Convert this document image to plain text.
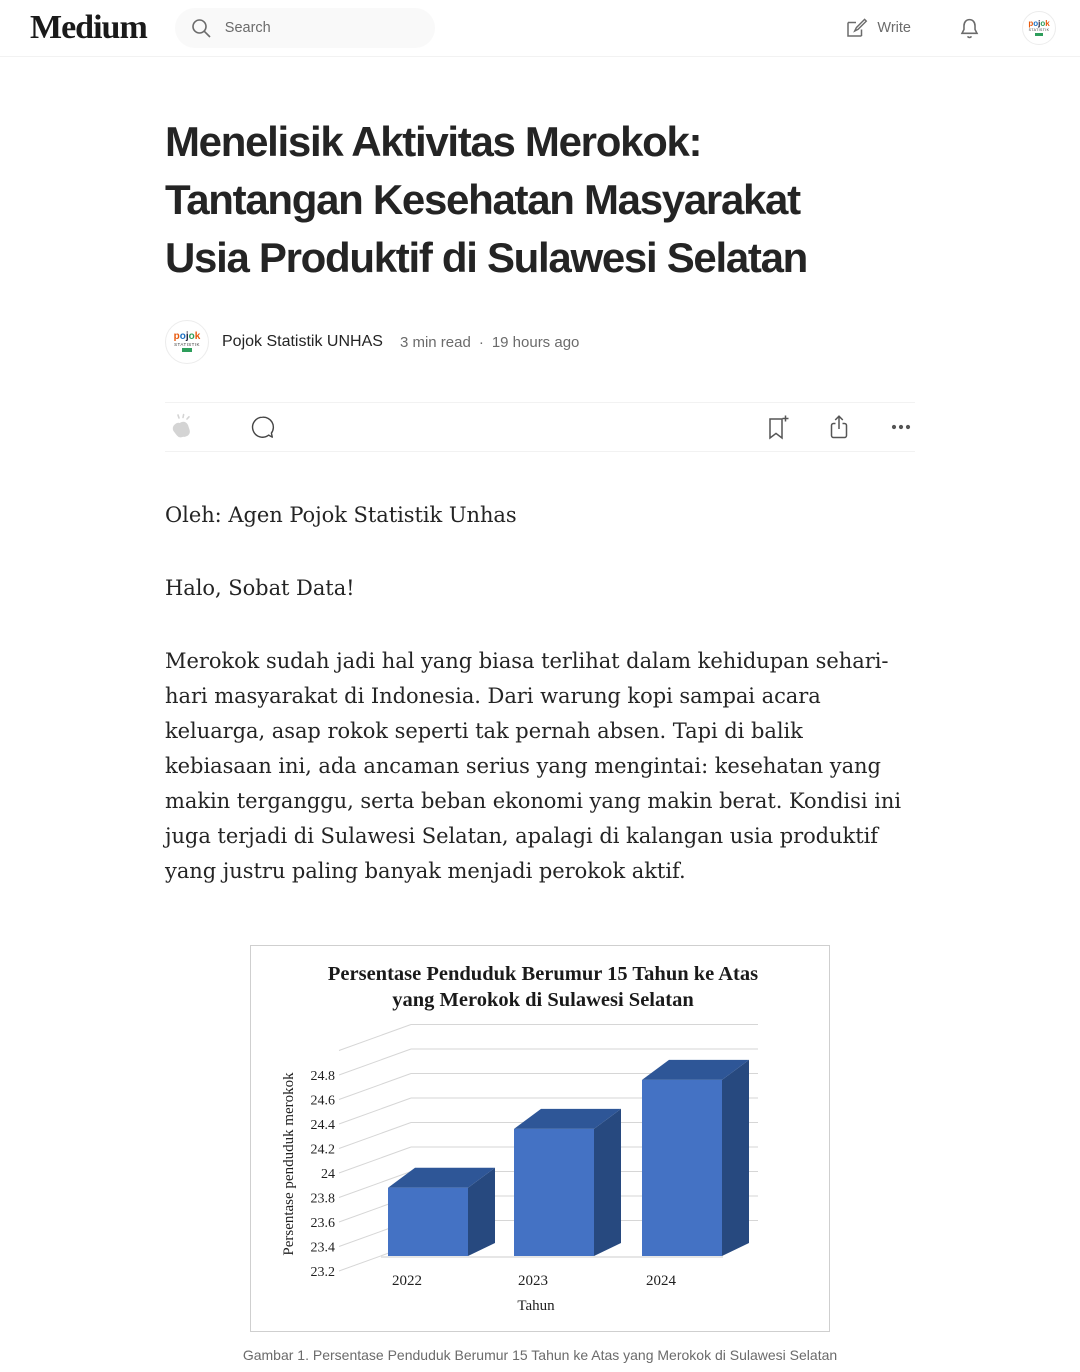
Medium
Search	Write	pojok
STATISTIK
Menelisik Aktivitas Merokok:
Tantangan Kesehatan Masyarakat
Usia Produktif di Sulawesi Selatan
pojok
STATISTIK Pojok Statistik UNHAS 3 min read · 19 hours ago

Oleh: Agen Pojok Statistik Unhas

Halo, Sobat Data!

Merokok sudah jadi hal yang biasa terlihat dalam kehidupan sehari-hari masyarakat di Indonesia. Dari warung kopi sampai acara keluarga, asap rokok seperti tak pernah absen. Tapi di balik kebiasaan ini, ada ancaman serius yang mengintai: kesehatan yang makin terganggu, serta beban ekonomi yang makin berat. Kondisi ini juga terjadi di Sulawesi Selatan, apalagi di kalangan usia produktif yang justru paling banyak menjadi perokok aktif.

23.2
23.4
23.6
23.8
24
24.2
24.4
24.6
24.8
2022	2023	2024
Tahun
Persentase penduduk merokok
Persentase Penduduk Berumur 15 Tahun ke Atas
yang Merokok di Sulawesi Selatan
Gambar 1. Persentase Penduduk Berumur 15 Tahun ke Atas yang Merokok di Sulawesi Selatan
